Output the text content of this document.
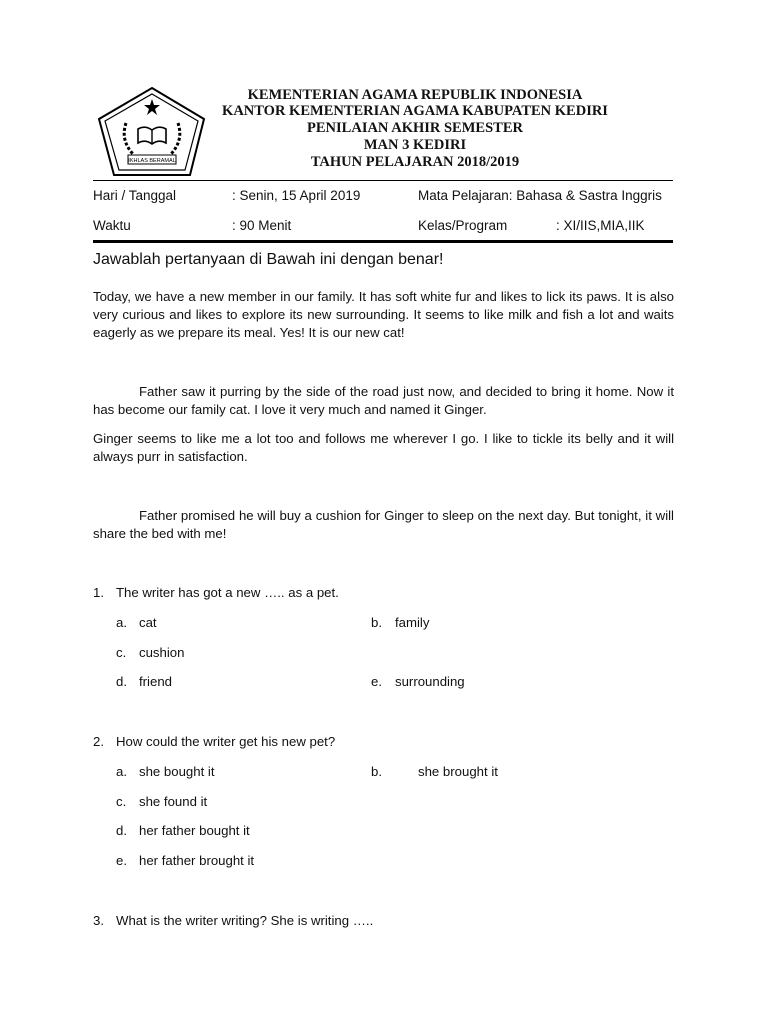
IKHLAS BERAMAL
KEMENTERIAN AGAMA REPUBLIK INDONESIA
KANTOR KEMENTERIAN AGAMA KABUPATEN KEDIRI
PENILAIAN AKHIR SEMESTER
MAN 3 KEDIRI
TAHUN PELAJARAN 2018/2019
Hari / Tanggal	: Senin, 15 April 2019	Mata Pelajaran: Bahasa & Sastra Inggris
Waktu	: 90 Menit	Kelas/Program	: XI/IIS,MIA,IIK
Jawablah pertanyaan di Bawah ini dengan benar!
Today, we have a new member in our family. It has soft white fur and likes to lick its paws. It is also very curious and likes to explore its new surrounding. It seems to like milk and fish a lot and waits eagerly as we prepare its meal. Yes! It is our new cat!
Father saw it purring by the side of the road just now, and decided to bring it home. Now it has become our family cat. I love it very much and named it Ginger.
Ginger seems to like me a lot too and follows me wherever I go. I like to tickle its belly and it will always purr in satisfaction.
Father promised he will buy a cushion for Ginger to sleep on the next day. But tonight, it will share the bed with me!
1. The writer has got a new ….. as a pet.
a. cat	b. family
c. cushion
d. friend	e. surrounding
2. How could the writer get his new pet?
a. she bought it	b.	she brought it
c. she found it
d. her father bought it
e. her father brought it
3. What is the writer writing? She is writing …..
